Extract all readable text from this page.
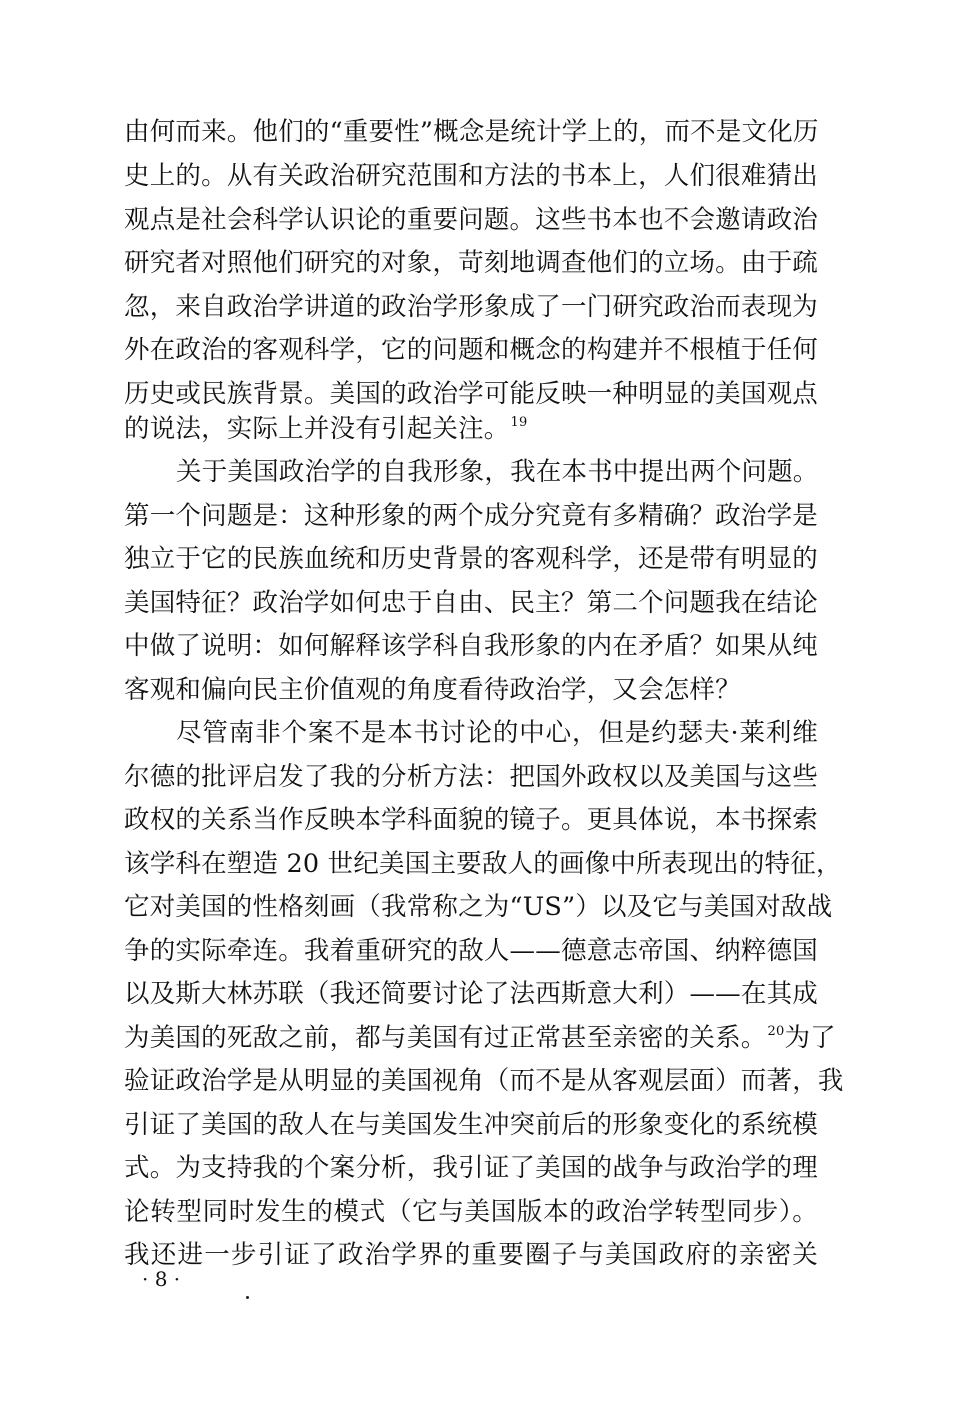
由何而来。他们的“重要性”概念是统计学上的，而不是文化历
史上的。从有关政治研究范围和方法的书本上，人们很难猜出
观点是社会科学认识论的重要问题。这些书本也不会邀请政治
研究者对照他们研究的对象，苛刻地调查他们的立场。由于疏
忽，来自政治学讲道的政治学形象成了一门研究政治而表现为
外在政治的客观科学，它的问题和概念的构建并不根植于任何
历史或民族背景。美国的政治学可能反映一种明显的美国观点
的说法，实际上并没有引起关注。$^{19}$
关于美国政治学的自我形象，我在本书中提出两个问题。
第一个问题是：这种形象的两个成分究竟有多精确？政治学是
独立于它的民族血统和历史背景的客观科学，还是带有明显的
美国特征？政治学如何忠于自由、民主？第二个问题我在结论
中做了说明：如何解释该学科自我形象的内在矛盾？如果从纯
客观和偏向民主价值观的角度看待政治学，又会怎样？
尽管南非个案不是本书讨论的中心，但是约瑟夫·莱利维
尔德的批评启发了我的分析方法：把国外政权以及美国与这些
政权的关系当作反映本学科面貌的镜子。更具体说，本书探索
该学科在塑造 20 世纪美国主要敌人的画像中所表现出的特征，
它对美国的性格刻画（我常称之为“US”）以及它与美国对敌战
争的实际牵连。我着重研究的敌人——德意志帝国、纳粹德国
以及斯大林苏联（我还简要讨论了法西斯意大利）——在其成
为美国的死敌之前，都与美国有过正常甚至亲密的关系。$^{20}$为了
验证政治学是从明显的美国视角（而不是从客观层面）而著，我
引证了美国的敌人在与美国发生冲突前后的形象变化的系统模
式。为支持我的个案分析，我引证了美国的战争与政治学的理
论转型同时发生的模式（它与美国版本的政治学转型同步）。
我还进一步引证了政治学界的重要圈子与美国政府的亲密关
· 8 ·
